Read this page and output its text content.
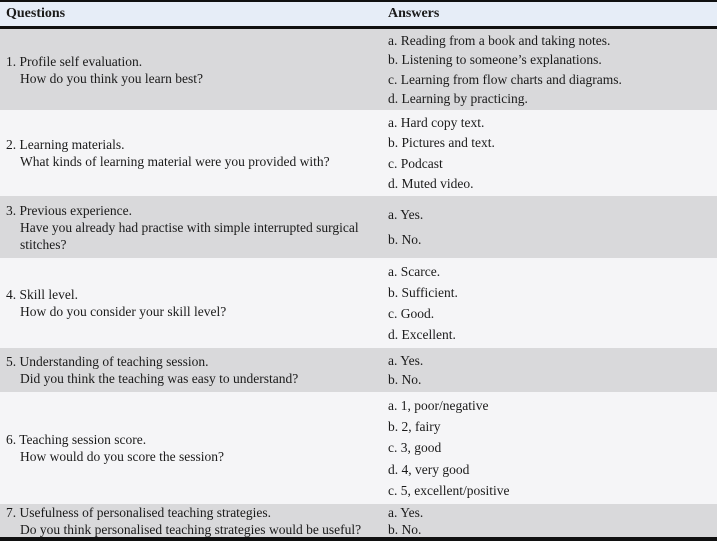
Questions	Answers
1. Profile self evaluation.
How do you think you learn best?
a. Reading from a book and taking notes.
b. Listening to someone’s explanations.
c. Learning from flow charts and diagrams.
d. Learning by practicing.
2. Learning materials.
What kinds of learning material were you provided with?
a. Hard copy text.
b. Pictures and text.
c. Podcast
d. Muted video.
3. Previous experience.
Have you already had practise with simple interrupted surgical
stitches?
a. Yes.
b. No.
4. Skill level.
How do you consider your skill level?
a. Scarce.
b. Sufficient.
c. Good.
d. Excellent.
5. Understanding of teaching session.
Did you think the teaching was easy to understand?
a. Yes.
b. No.
6. Teaching session score.
How would do you score the session?
a. 1, poor/negative
b. 2, fairy
c. 3, good
d. 4, very good
c. 5, excellent/positive
7. Usefulness of personalised teaching strategies.
Do you think personalised teaching strategies would be useful?
a. Yes.
b. No.
